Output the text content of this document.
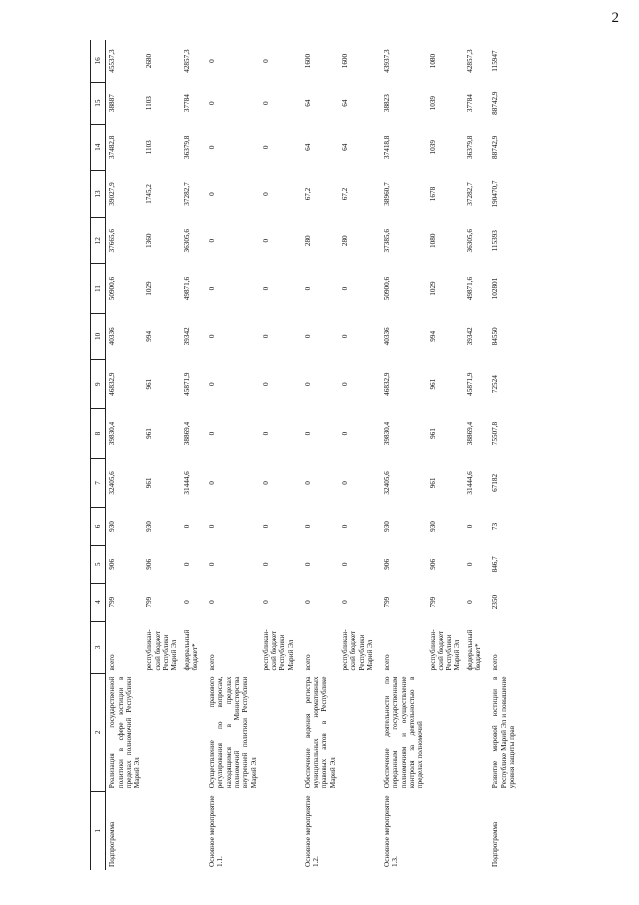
2
1	2	3	4	5	6	7	8	9	10	11	12	13	14	15	16
Подпрограмма	Реализация государственной политики в сфере юстиции в пределах полномочий Республики Марий Эл	всего	799	906	930	32405,6	39830,4	46832,9	40336	50900,6	37665,6	39027,9	37482,8	38887	45537,3
		республикан-ский бюджет Республики Марий Эл	799	906	930	961	961	961	994	1029	1360	1745,2	1103	1103	2680
		федеральный бюджет*	0	0	0	31444,6	38869,4	45871,9	39342	49871,6	36305,6	37282,7	36379,8	37784	42857,3
Основное мероприятие 1.1.	Осуществление правового регулирования по вопросам, находящимся в пределах полномочий Министерства внутренней политики Республики Марий Эл	всего	0	0	0	0	0	0	0	0	0	0	0	0	0
		республикан-ский бюджет Республики Марий Эл	0	0	0	0	0	0	0	0	0	0	0	0	0
Основное мероприятие 1.2.	Обеспечение ведения регистра муниципальных нормативных правовых актов в Республике Марий Эл	всего	0	0	0	0	0	0	0	0	280	67,2	64	64	1600
		республикан-ский бюджет Республики Марий Эл	0	0	0	0	0	0	0	0	280	67,2	64	64	1600
Основное мероприятие 1.3.	Обеспечение деятельности по переданным государственным полномочиям и осуществление контроля за деятельностью в пределах полномочий	всего	799	906	930	32405,6	39830,4	46832,9	40336	50900,6	37385,6	38960,7	37418,8	38823	43937,3
		республикан-ский бюджет Республики Марий Эл	799	906	930	961	961	961	994	1029	1080	1678	1039	1039	1080
		федеральный бюджет*	0	0	0	31444,6	38869,4	45871,9	39342	49871,6	36305,6	37282,7	36379,8	37784	42857,3
Подпрограмма	Развитие мировой юстиции в Республике Марий Эл и повышение уровня защиты прав	всего	2350	846,7	73	67182	75507,8	72524	84550	102801	115393	190470,7	88742,9	88742,9	115947
